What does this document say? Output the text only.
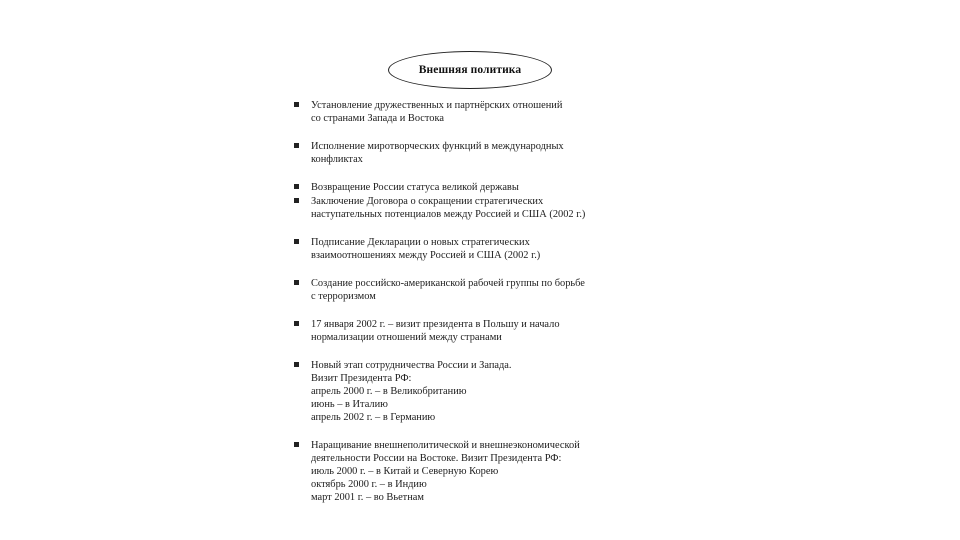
Внешняя политика
Установление дружественных и партнёрских отношений
со странами Запада и Востока
Исполнение миротворческих функций в международных
конфликтах
Возвращение России статуса великой державы
Заключение Договора о сокращении стратегических
наступательных потенциалов между Россией и США (2002 г.)
Подписание Декларации о новых стратегических
взаимоотношениях между Россией и США (2002 г.)
Создание российско-американской рабочей группы по борьбе
с терроризмом
17 января 2002 г. – визит президента в Польшу и начало
нормализации отношений между странами
Новый этап сотрудничества России и Запада.
Визит Президента РФ:
апрель 2000 г. – в Великобританию
июнь – в Италию
апрель 2002 г. – в Германию
Наращивание внешнеполитической и внешнеэкономической
деятельности России на Востоке. Визит Президента РФ:
июль 2000 г. – в Китай и Северную Корею
октябрь 2000 г. – в Индию
март 2001 г. – во Вьетнам
